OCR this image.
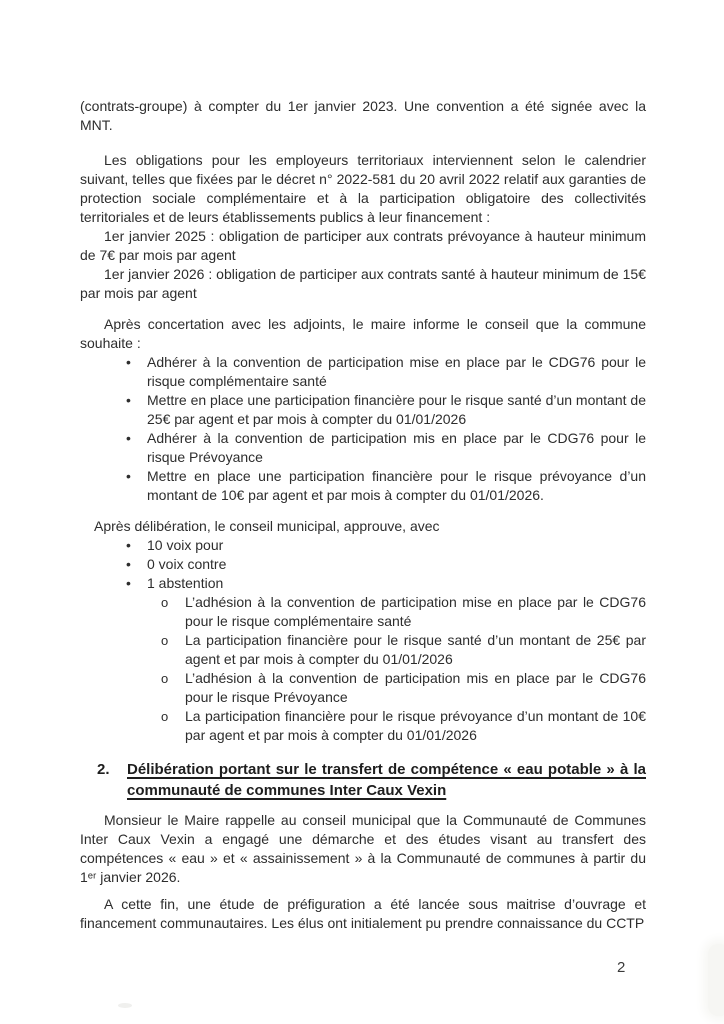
(contrats-groupe) à compter du 1er janvier 2023. Une convention a été signée avec la MNT.

Les obligations pour les employeurs territoriaux interviennent selon le calendrier suivant, telles que fixées par le décret n° 2022-581 du 20 avril 2022 relatif aux garanties de protection sociale complémentaire et à la participation obligatoire des collectivités territoriales et de leurs établissements publics à leur financement :

1er janvier 2025 : obligation de participer aux contrats prévoyance à hauteur minimum de 7€ par mois par agent

1er janvier 2026 : obligation de participer aux contrats santé à hauteur minimum de 15€ par mois par agent

Après concertation avec les adjoints, le maire informe le conseil que la commune souhaite :

• Adhérer à la convention de participation mise en place par le CDG76 pour le risque complémentaire santé
• Mettre en place une participation financière pour le risque santé d’un montant de 25€ par agent et par mois à compter du 01/01/2026
• Adhérer à la convention de participation mis en place par le CDG76 pour le risque Prévoyance
• Mettre en place une participation financière pour le risque prévoyance d’un montant de 10€ par agent et par mois à compter du 01/01/2026.

Après délibération, le conseil municipal, approuve, avec

• 10 voix pour
• 0 voix contre
• 1 abstention
o L’adhésion à la convention de participation mise en place par le CDG76 pour le risque complémentaire santé
o La participation financière pour le risque santé d’un montant de 25€ par agent et par mois à compter du 01/01/2026
o L’adhésion à la convention de participation mis en place par le CDG76 pour le risque Prévoyance
o La participation financière pour le risque prévoyance d’un montant de 10€ par agent et par mois à compter du 01/01/2026
2. Délibération portant sur le transfert de compétence « eau potable » à la
communauté de communes Inter Caux Vexin

Monsieur le Maire rappelle au conseil municipal que la Communauté de Communes Inter Caux Vexin a engagé une démarche et des études visant au transfert des compétences « eau » et « assainissement » à la Communauté de communes à partir du 1ᵉʳ janvier 2026.

A cette fin, une étude de préfiguration a été lancée sous maitrise d’ouvrage et financement communautaires. Les élus ont initialement pu prendre connaissance du CCTP

2
